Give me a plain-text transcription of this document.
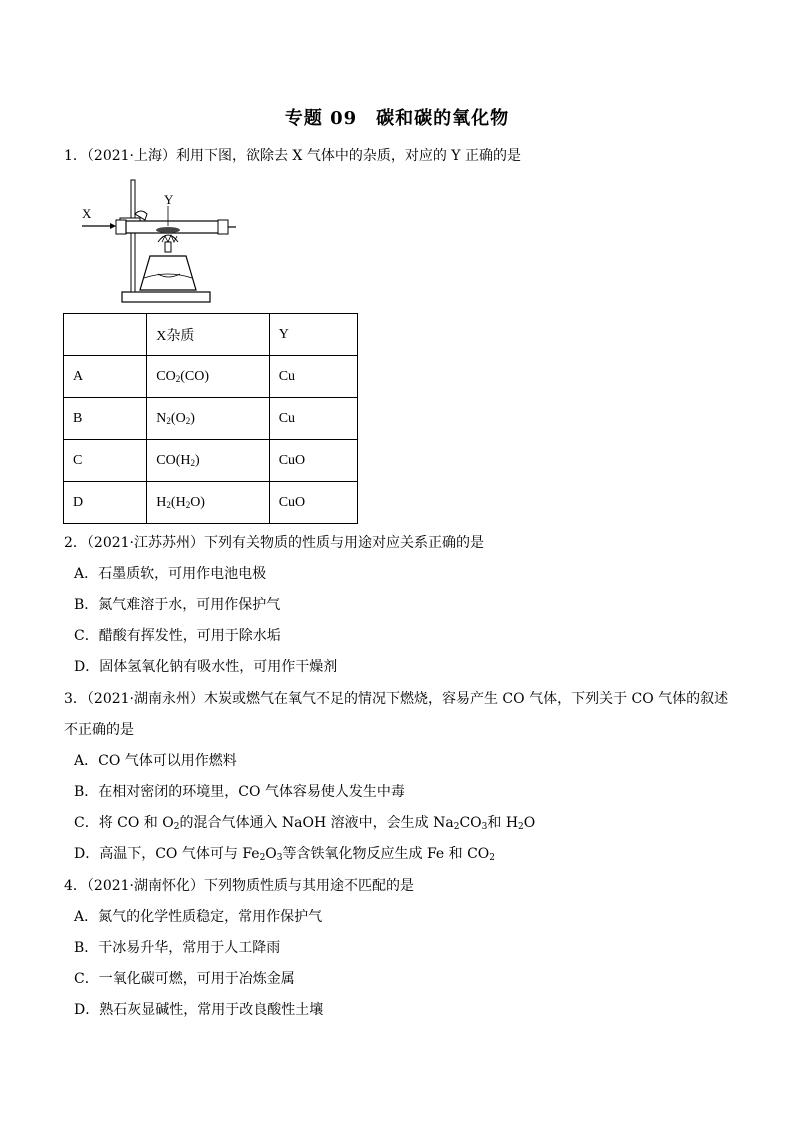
专题 09　碳和碳的氧化物
1．（2021·上海）利用下图，欲除去 X 气体中的杂质，对应的 Y 正确的是
X
Y
	X杂质	Y
A	$CO_2(CO)$	Cu
B	$N_2(O_2)$	Cu
C	$CO(H_2)$	CuO
D	$H_2(H_2O)$	CuO
2．（2021·江苏苏州）下列有关物质的性质与用途对应关系正确的是
A．石墨质软，可用作电池电极
B．氮气难溶于水，可用作保护气
C．醋酸有挥发性，可用于除水垢
D．固体氢氧化钠有吸水性，可用作干燥剂
3．（2021·湖南永州）木炭或燃气在氧气不足的情况下燃烧，容易产生 CO 气体，下列关于 CO 气体的叙述
不正确的是
A．CO 气体可以用作燃料
B．在相对密闭的环境里，CO 气体容易使人发生中毒
C．将 CO 和 $O_2$的混合气体通入 NaOH 溶液中，会生成 $Na_2CO_3$和 $H_2O$
D．高温下，CO 气体可与 $Fe_2O_3$等含铁氧化物反应生成 Fe 和 $CO_2$
4．（2021·湖南怀化）下列物质性质与其用途不匹配的是
A．氮气的化学性质稳定，常用作保护气
B．干冰易升华，常用于人工降雨
C．一氧化碳可燃，可用于冶炼金属
D．熟石灰显碱性，常用于改良酸性土壤
